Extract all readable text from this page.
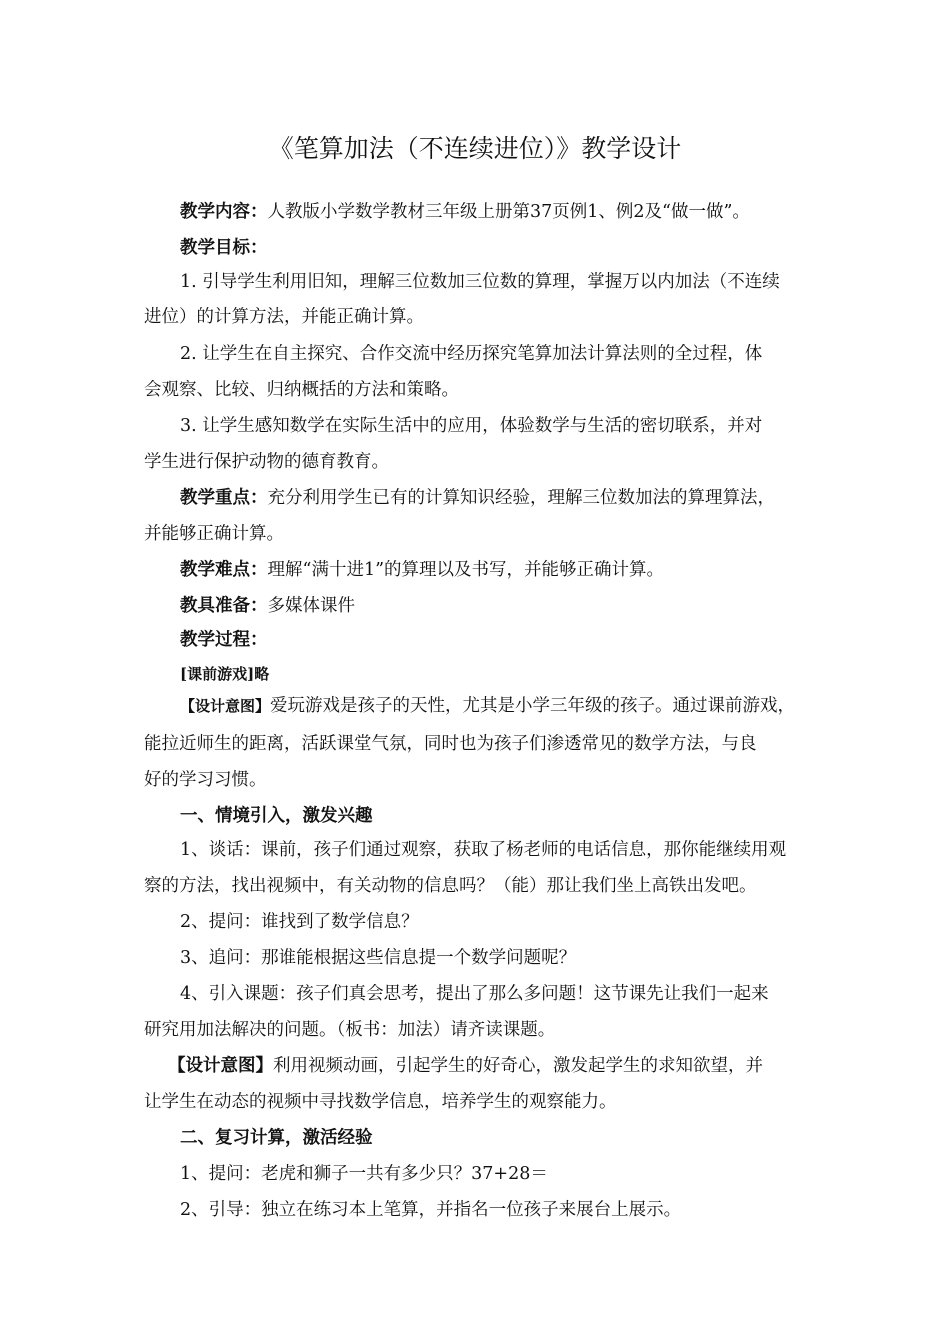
《笔算加法（不连续进位）》教学设计
教学内容：人教版小学数学教材三年级上册第37页例1、例2及“做一做”。
教学目标：
1. 引导学生利用旧知，理解三位数加三位数的算理，掌握万以内加法（不连续
进位）的计算方法，并能正确计算。
2. 让学生在自主探究、合作交流中经历探究笔算加法计算法则的全过程，体
会观察、比较、归纳概括的方法和策略。
3. 让学生感知数学在实际生活中的应用，体验数学与生活的密切联系，并对
学生进行保护动物的德育教育。
教学重点：充分利用学生已有的计算知识经验，理解三位数加法的算理算法，
并能够正确计算。
教学难点：理解“满十进1”的算理以及书写，并能够正确计算。
教具准备：多媒体课件
教学过程：
[课前游戏]略
【设计意图】爱玩游戏是孩子的天性，尤其是小学三年级的孩子。通过课前游戏，
能拉近师生的距离，活跃课堂气氛，同时也为孩子们渗透常见的数学方法，与良
好的学习习惯。
一、情境引入，激发兴趣
1、谈话：课前，孩子们通过观察，获取了杨老师的电话信息，那你能继续用观
察的方法，找出视频中，有关动物的信息吗？（能）那让我们坐上高铁出发吧。
2、提问：谁找到了数学信息？
3、追问：那谁能根据这些信息提一个数学问题呢？
4、引入课题：孩子们真会思考，提出了那么多问题！这节课先让我们一起来
研究用加法解决的问题。（板书：加法）请齐读课题。
【设计意图】利用视频动画，引起学生的好奇心，激发起学生的求知欲望，并
让学生在动态的视频中寻找数学信息，培养学生的观察能力。
二、复习计算，激活经验
1、提问：老虎和狮子一共有多少只？37+28＝
2、引导：独立在练习本上笔算，并指名一位孩子来展台上展示。
